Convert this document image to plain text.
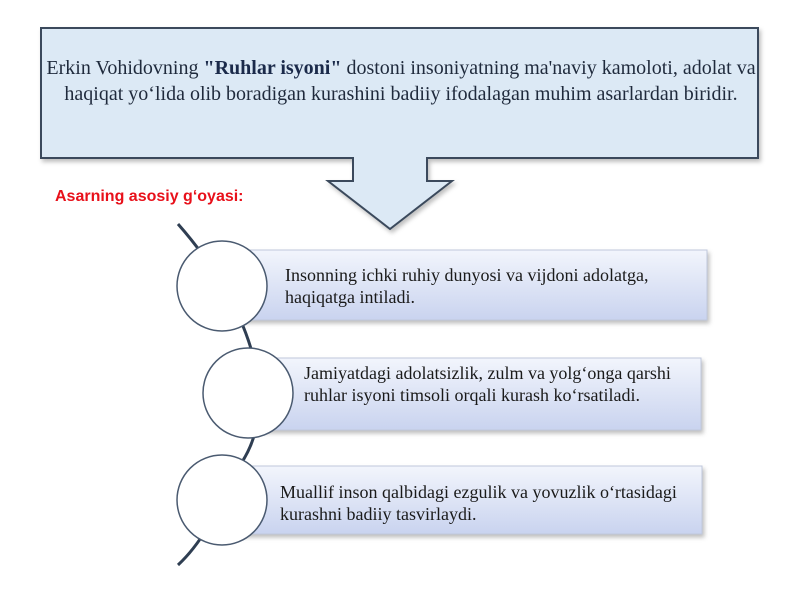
Erkin Vohidovning "Ruhlar isyoni" dostoni insoniyatning ma'naviy kamoloti, adolat va haqiqat yo‘lida olib boradigan kurashini badiiy ifodalagan muhim asarlardan biridir.
Asarning asosiy g‘oyasi:
Insonning ichki ruhiy dunyosi va vijdoni adolatga, haqiqatga intiladi.
Jamiyatdagi adolatsizlik, zulm va yolg‘onga qarshi ruhlar isyoni timsoli orqali kurash ko‘rsatiladi.
Muallif inson qalbidagi ezgulik va yovuzlik o‘rtasidagi kurashni badiiy tasvirlaydi.
